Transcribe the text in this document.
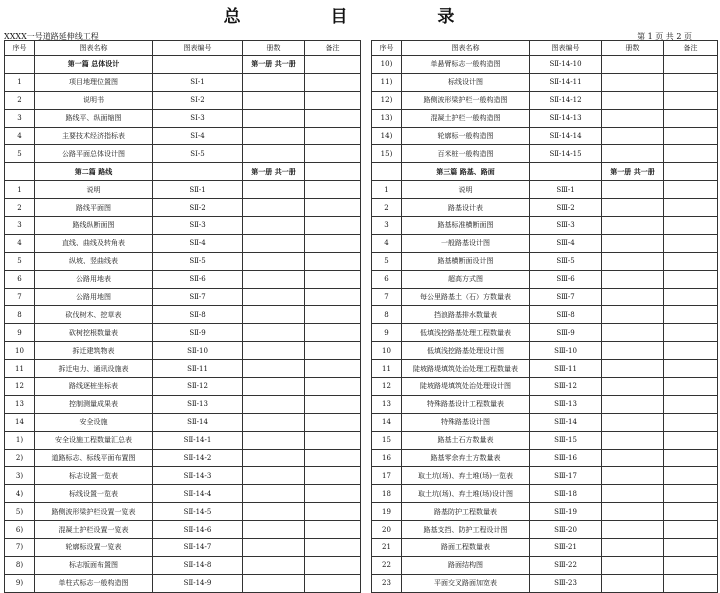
总 目 录
XXXX一号道路延伸线工程	第 1 页 共 2 页
序号	图表名称	图表编号	册数	备注
	第一篇 总体设计		第一册 共一册	
1	项目地理位置图	SⅠ-1		
2	说明书	SⅠ-2		
3	路线平、纵面缩图	SⅠ-3		
4	主要技术经济指标表	SⅠ-4		
5	公路平面总体设计图	SⅠ-5		
	第二篇 路线		第一册 共一册	
1	说明	SⅡ-1		
2	路线平面图	SⅡ-2		
3	路线纵断面图	SⅡ-3		
4	直线、曲线及转角表	SⅡ-4		
5	纵坡、竖曲线表	SⅡ-5		
6	公路用地表	SⅡ-6		
7	公路用地图	SⅡ-7		
8	砍伐树木、挖草表	SⅡ-8		
9	砍树挖根数量表	SⅡ-9		
10	拆迁建筑物表	SⅡ-10		
11	拆迁电力、通讯设施表	SⅡ-11		
12	路线逐桩坐标表	SⅡ-12		
13	控制测量成果表	SⅡ-13		
14	安全设施	SⅡ-14		
1)	安全设施工程数量汇总表	SⅡ-14-1		
2)	道路标志、标线平面布置图	SⅡ-14-2		
3)	标志设置一览表	SⅡ-14-3		
4)	标线设置一览表	SⅡ-14-4		
5)	路侧波形梁护栏设置一览表	SⅡ-14-5		
6)	混凝土护栏设置一览表	SⅡ-14-6		
7)	轮廓标设置一览表	SⅡ-14-7		
8)	标志版面布置图	SⅡ-14-8		
9)	单柱式标志一般构造图	SⅡ-14-9		
序号	图表名称	图表编号	册数	备注
10)	单悬臂标志一般构造图	SⅡ-14-10		
11)	标线设计图	SⅡ-14-11		
12)	路侧波形梁护栏一般构造图	SⅡ-14-12		
13)	混凝土护栏一般构造图	SⅡ-14-13		
14)	轮廓标一般构造图	SⅡ-14-14		
15)	百米桩一般构造图	SⅡ-14-15		
	第三篇 路基、路面		第一册 共一册	
1	说明	SⅢ-1		
2	路基设计表	SⅢ-2		
3	路基标准横断面图	SⅢ-3		
4	一般路基设计图	SⅢ-4		
5	路基横断面设计图	SⅢ-5		
6	超高方式图	SⅢ-6		
7	每公里路基土（石）方数量表	SⅢ-7		
8	挡浪路基排水数量表	SⅢ-8		
9	低填浅挖路基处理工程数量表	SⅢ-9		
10	低填浅挖路基处理设计图	SⅢ-10		
11	陡坡路堤填筑处治处理工程数量表	SⅢ-11		
12	陡坡路堤填筑处治处理设计图	SⅢ-12		
13	特殊路基设计工程数量表	SⅢ-13		
14	特殊路基设计图	SⅢ-14		
15	路基土石方数量表	SⅢ-15		
16	路基零余弃土方数量表	SⅢ-16		
17	取土坑(场)、弃土堆(场)一览表	SⅢ-17		
18	取土坑(场)、弃土堆(场)设计图	SⅢ-18		
19	路基防护工程数量表	SⅢ-19		
20	路基支挡、防护工程设计图	SⅢ-20		
21	路面工程数量表	SⅢ-21		
22	路面结构图	SⅢ-22		
23	平面交叉路面加宽表	SⅢ-23		
